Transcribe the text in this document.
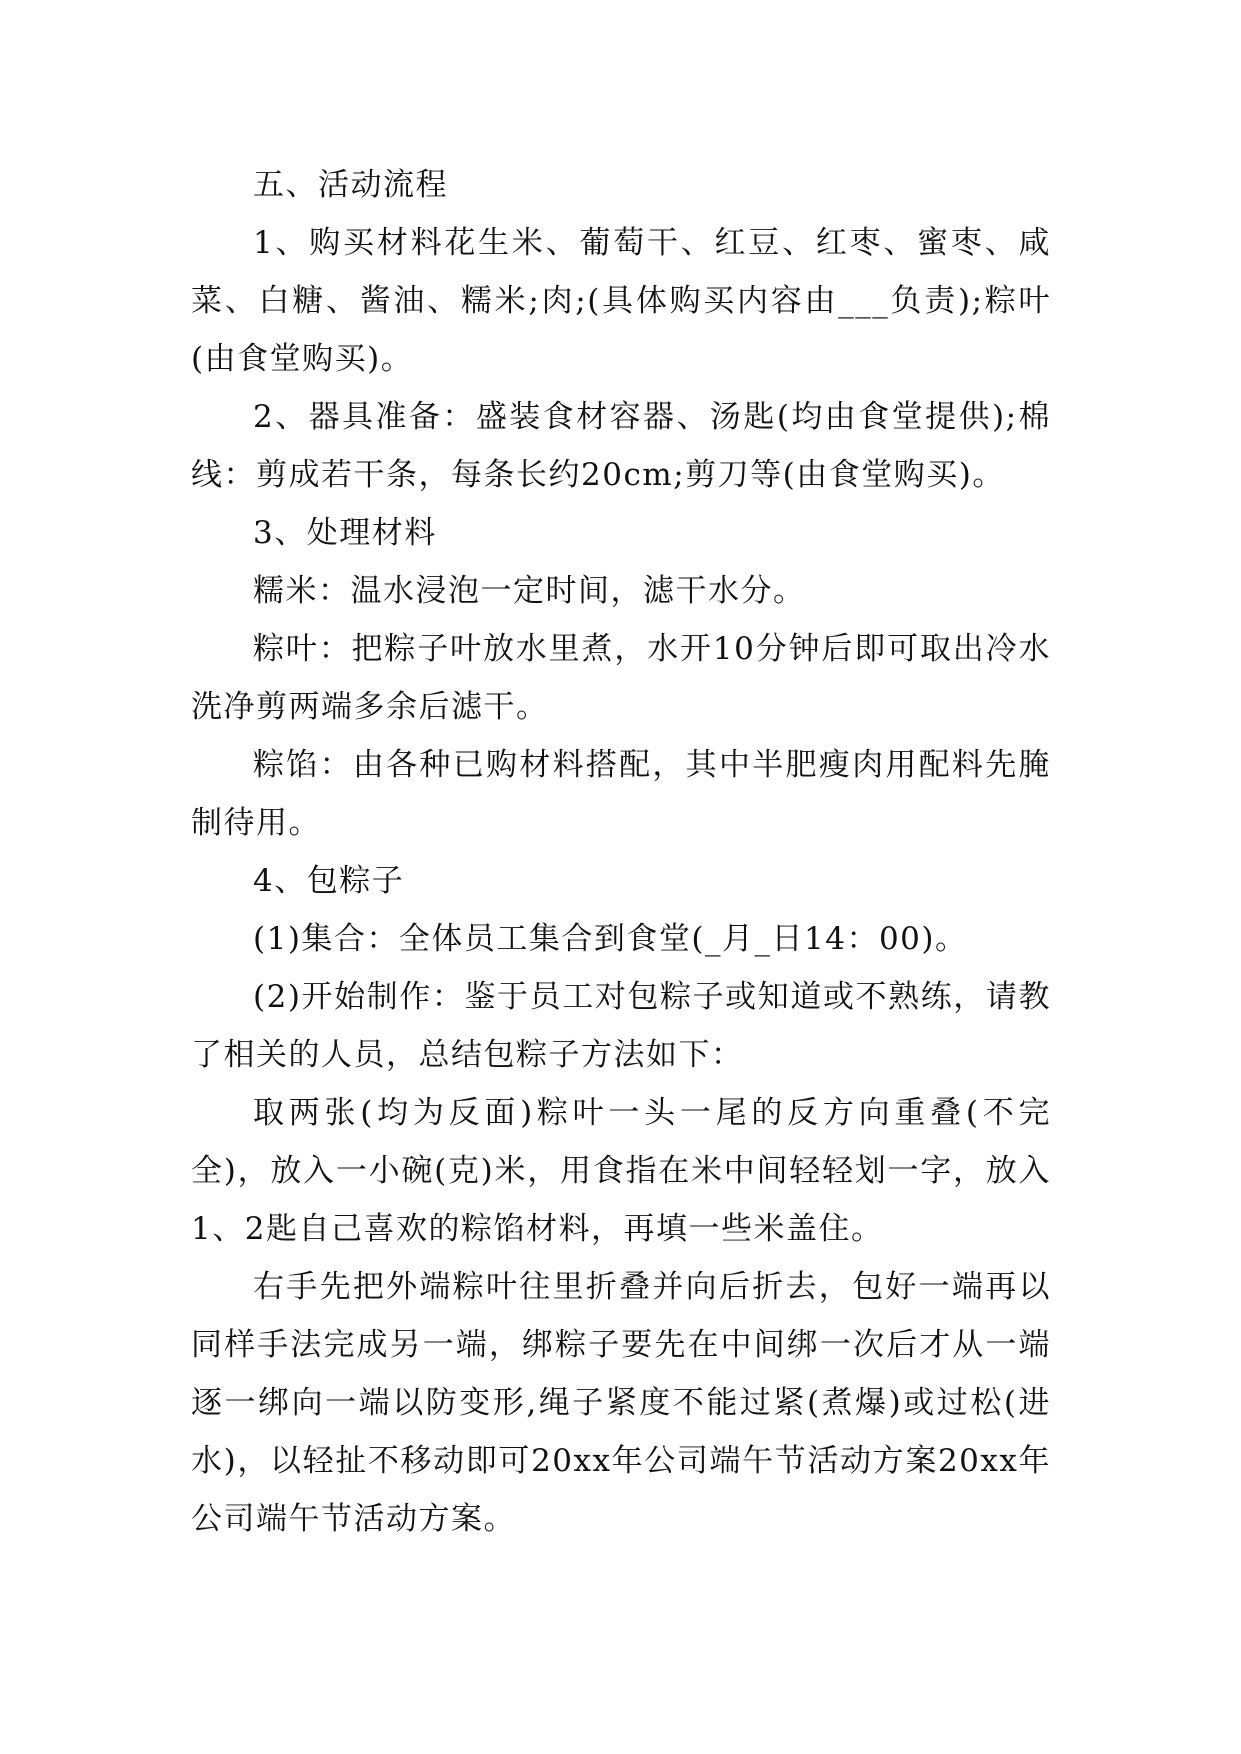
五、活动流程

1、购买材料花生米、葡萄干、红豆、红枣、蜜枣、咸菜、白糖、酱油、糯米;肉;(具体购买内容由___负责);粽叶(由食堂购买)。

2、器具准备：盛装食材容器、汤匙(均由食堂提供);棉线：剪成若干条，每条长约20cm;剪刀等(由食堂购买)。

3、处理材料

糯米：温水浸泡一定时间，滤干水分。

粽叶：把粽子叶放水里煮，水开10分钟后即可取出冷水洗净剪两端多余后滤干。

粽馅：由各种已购材料搭配，其中半肥瘦肉用配料先腌制待用。

4、包粽子

(1)集合：全体员工集合到食堂(_月_日14：00)。

(2)开始制作：鉴于员工对包粽子或知道或不熟练，请教了相关的人员，总结包粽子方法如下：

取两张(均为反面)粽叶一头一尾的反方向重叠(不完全)，放入一小碗(克)米，用食指在米中间轻轻划一字，放入1、2匙自己喜欢的粽馅材料，再填一些米盖住。

右手先把外端粽叶往里折叠并向后折去，包好一端再以同样手法完成另一端，绑粽子要先在中间绑一次后才从一端逐一绑向一端以防变形,绳子紧度不能过紧(煮爆)或过松(进水)，以轻扯不移动即可20xx年公司端午节活动方案20xx年公司端午节活动方案。
